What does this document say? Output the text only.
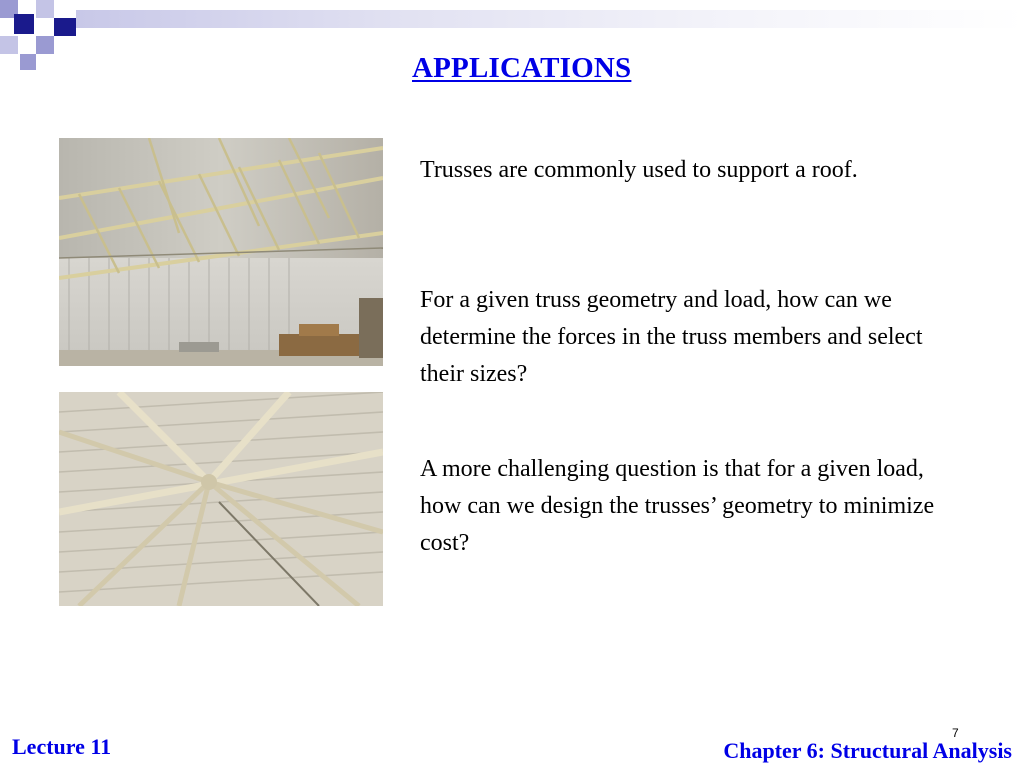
APPLICATIONS
Trusses are commonly used to support a roof.
For a given truss geometry and load, how can we determine the forces in the truss members and select their sizes?
A more challenging question is that for a given load, how can we design the trusses’ geometry to minimize cost?
7
Lecture 11	Chapter 6: Structural Analysis
